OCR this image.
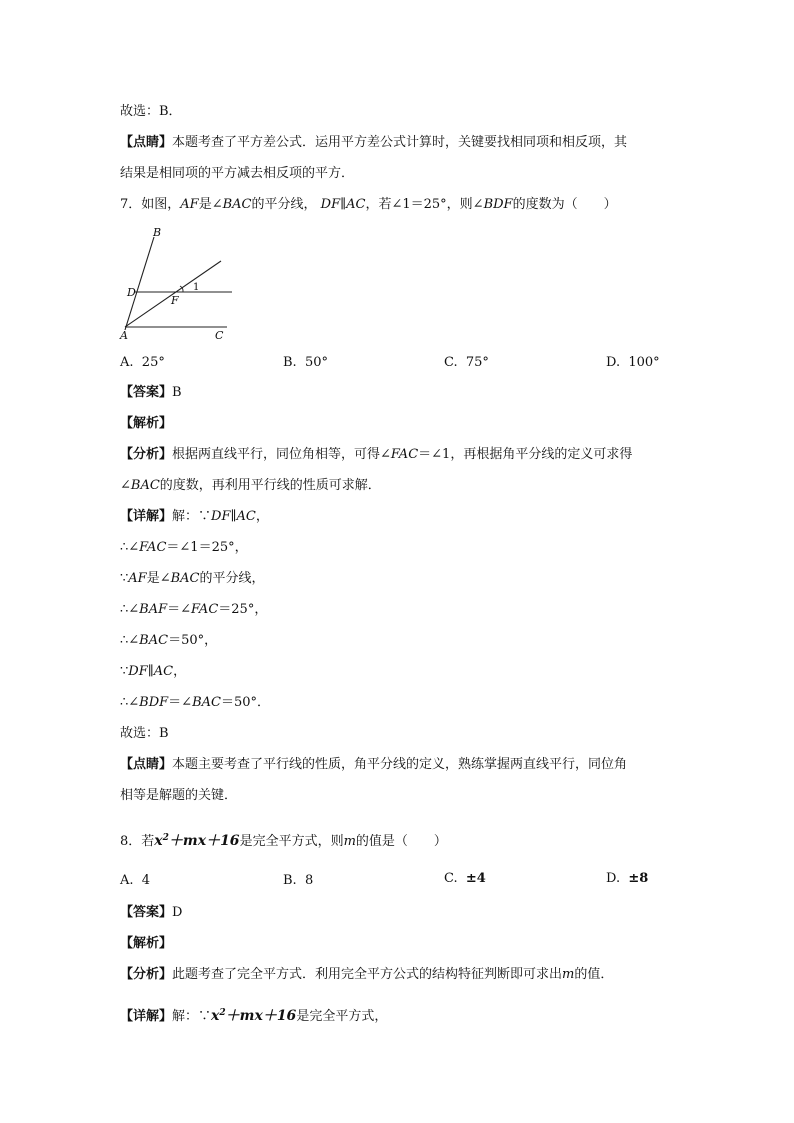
故选：B．
【点睛】本题考查了平方差公式．运用平方差公式计算时，关键要找相同项和相反项，其
结果是相同项的平方减去相反项的平方．
7．如图，AF是∠BAC的平分线， DF∥AC，若∠1＝25°，则∠BDF的度数为（　　）
B
D
F
1
A	C
A. 25°	B. 50°	C. 75°	D. 100°
【答案】B
【解析】
【分析】根据两直线平行，同位角相等，可得∠FAC＝∠1，再根据角平分线的定义可求得
∠BAC的度数，再利用平行线的性质可求解．
【详解】解：∵DF∥AC，
∴∠FAC＝∠1＝25°，
∵AF是∠BAC的平分线，
∴∠BAF＝∠FAC＝25°，
∴∠BAC＝50°，
∵DF∥AC，
∴∠BDF＝∠BAC＝50°．
故选：B
【点睛】本题主要考查了平行线的性质，角平分线的定义，熟练掌握两直线平行，同位角
相等是解题的关键．
8．若$x^2+mx+16$是完全平方式，则m的值是（　　）
A. 4	B. 8	C. ±4	D. ±8
【答案】D
【解析】
【分析】此题考查了完全平方式．利用完全平方公式的结构特征判断即可求出m的值．
【详解】解：$\because x^2+mx+16$是完全平方式，
